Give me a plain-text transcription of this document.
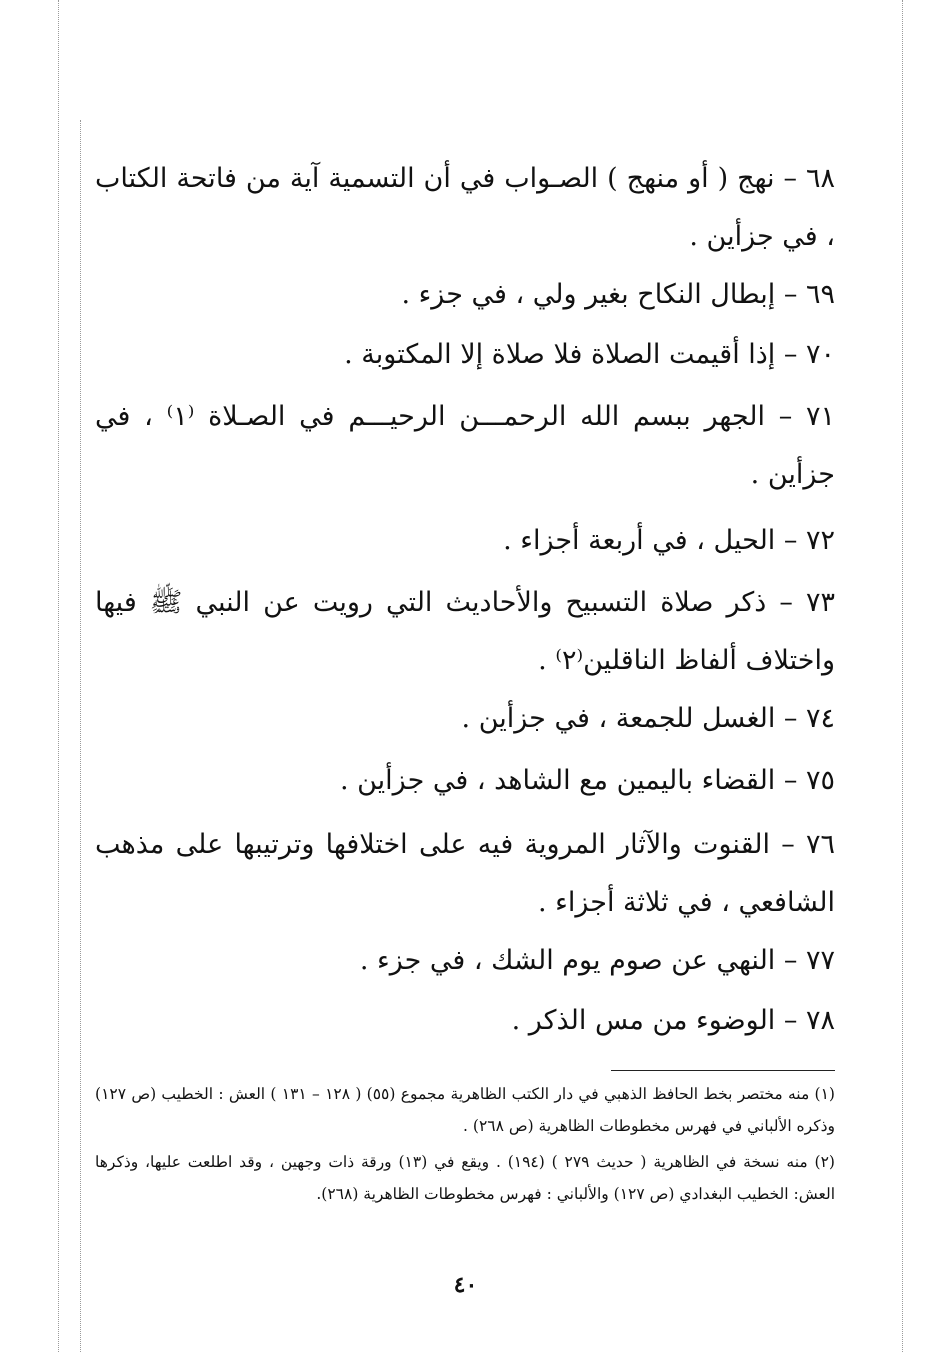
٦٨ – نهج ( أو منهج ) الصـواب في أن التسمية آية من فاتحة الكتاب ، في جزأين .

٦٩ – إبطال النكاح بغير ولي ، في جزء .

٧٠ – إذا أقيمت الصلاة فلا صلاة إلا المكتوبة .

٧١ – الجهر ببسم الله الرحمـــن الرحيـــم في الصـلاة ⁽١⁾ ، في جزأين .

٧٢ – الحيل ، في أربعة أجزاء .

٧٣ – ذكر صلاة التسبيح والأحاديث التي رويت عن النبي ﷺ فيها واختلاف ألفاظ الناقلين⁽٢⁾ .

٧٤ – الغسل للجمعة ، في جزأين .

٧٥ – القضاء باليمين مع الشاهد ، في جزأين .

٧٦ – القنوت والآثار المروية فيه على اختلافها وترتيبها على مذهب الشافعي ، في ثلاثة أجزاء .

٧٧ – النهي عن صوم يوم الشك ، في جزء .

٧٨ – الوضوء من مس الذكر .

(١) منه مختصر بخط الحافظ الذهبي في دار الكتب الظاهرية مجموع (٥٥) ( ١٢٨ – ١٣١ ) العش : الخطيب (ص ١٢٧) وذكره الألباني في فهرس مخطوطات الظاهرية (ص ٢٦٨) .

(٢) منه نسخة في الظاهرية ( حديث ٢٧٩ ) (١٩٤) . ويقع في (١٣) ورقة ذات وجهين ، وقد اطلعت عليها، وذكرها العش: الخطيب البغدادي (ص ١٢٧) والألباني : فهرس مخطوطات الظاهرية (٢٦٨).

٤٠
